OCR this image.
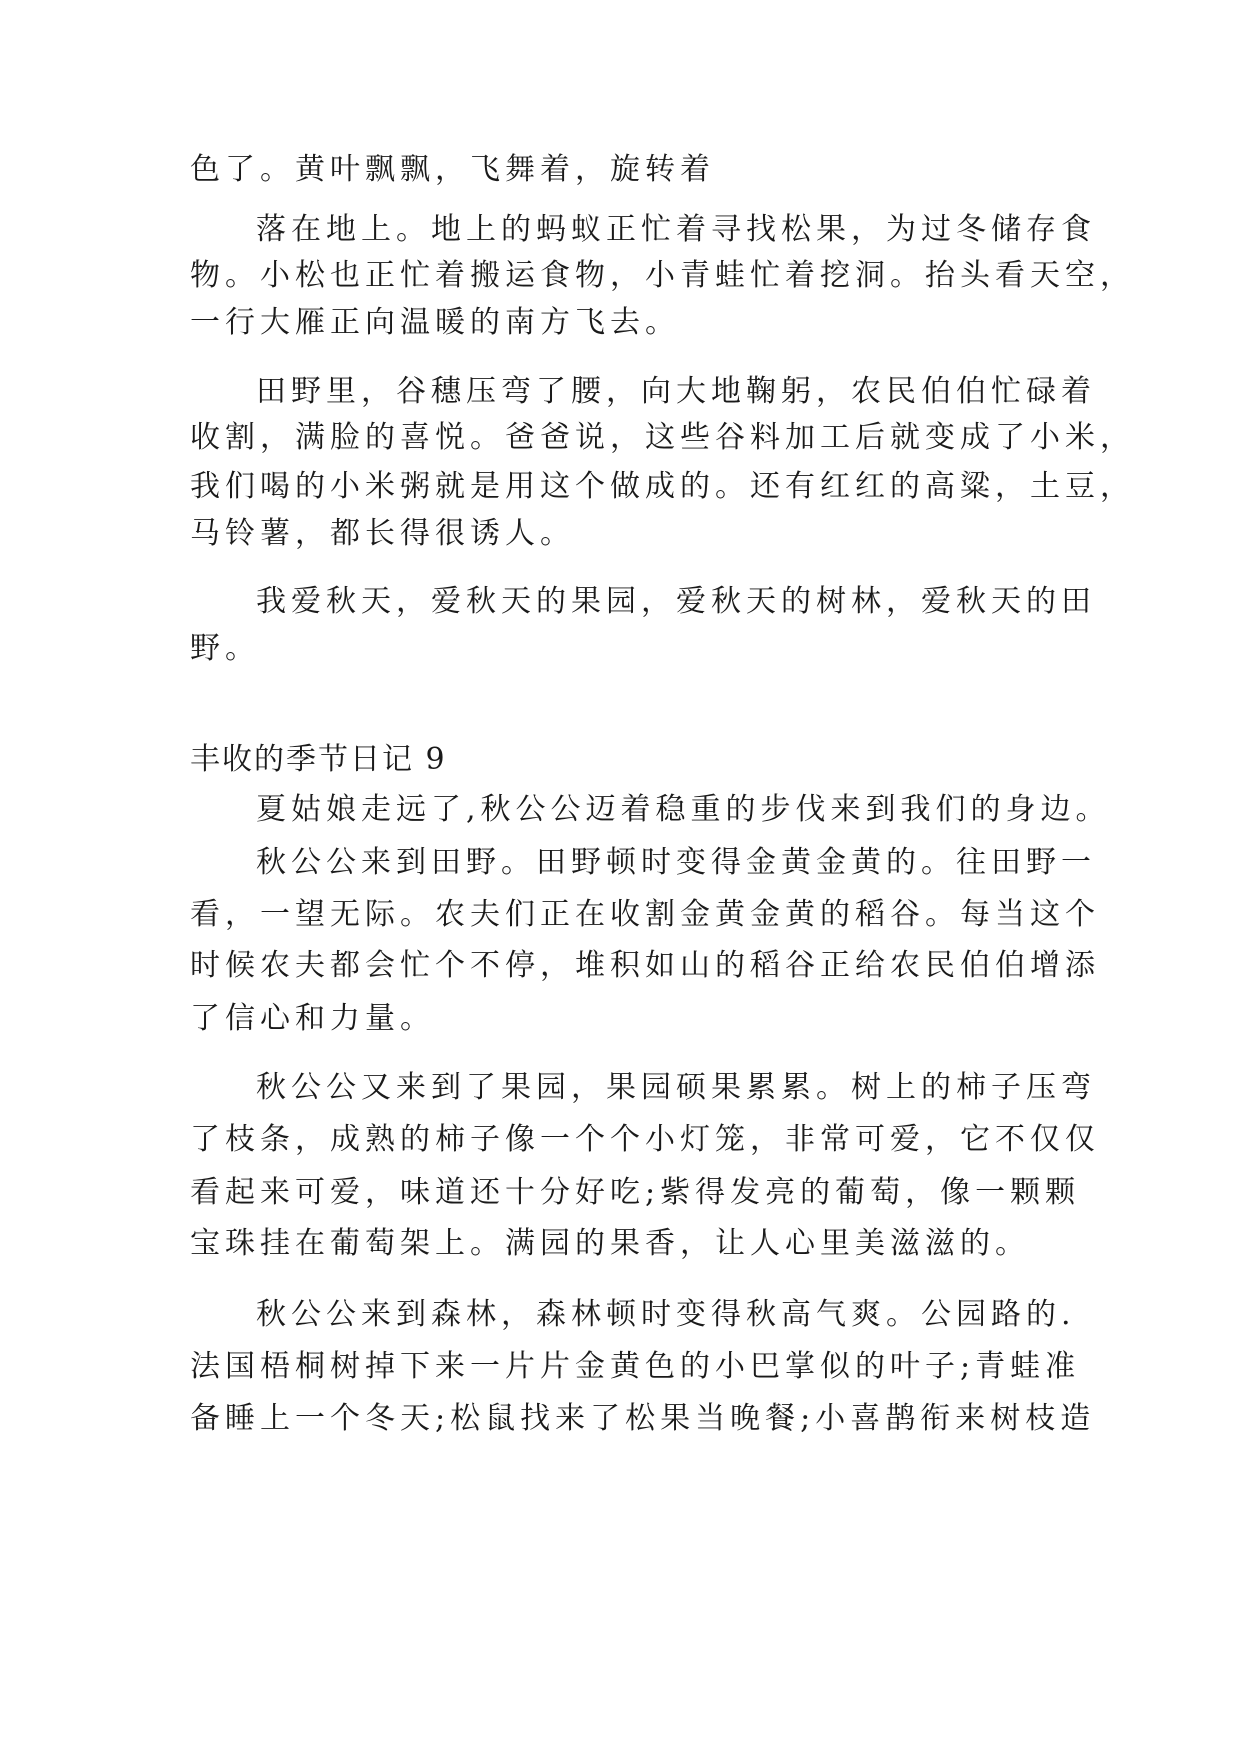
色了。黄叶飘飘，飞舞着，旋转着
落在地上。地上的蚂蚁正忙着寻找松果，为过冬储存食
物。小松也正忙着搬运食物，小青蛙忙着挖洞。抬头看天空，
一行大雁正向温暖的南方飞去。
田野里，谷穗压弯了腰，向大地鞠躬，农民伯伯忙碌着
收割，满脸的喜悦。爸爸说，这些谷料加工后就变成了小米，
我们喝的小米粥就是用这个做成的。还有红红的高粱，土豆，
马铃薯，都长得很诱人。
我爱秋天，爱秋天的果园，爱秋天的树林，爱秋天的田
野。
丰收的季节日记 9
夏姑娘走远了,秋公公迈着稳重的步伐来到我们的身边。
秋公公来到田野。田野顿时变得金黄金黄的。往田野一
看，一望无际。农夫们正在收割金黄金黄的稻谷。每当这个
时候农夫都会忙个不停，堆积如山的稻谷正给农民伯伯增添
了信心和力量。
秋公公又来到了果园，果园硕果累累。树上的柿子压弯
了枝条，成熟的柿子像一个个小灯笼，非常可爱，它不仅仅
看起来可爱，味道还十分好吃;紫得发亮的葡萄，像一颗颗
宝珠挂在葡萄架上。满园的果香，让人心里美滋滋的。
秋公公来到森林，森林顿时变得秋高气爽。公园路的.
法国梧桐树掉下来一片片金黄色的小巴掌似的叶子;青蛙准
备睡上一个冬天;松鼠找来了松果当晚餐;小喜鹊衔来树枝造
